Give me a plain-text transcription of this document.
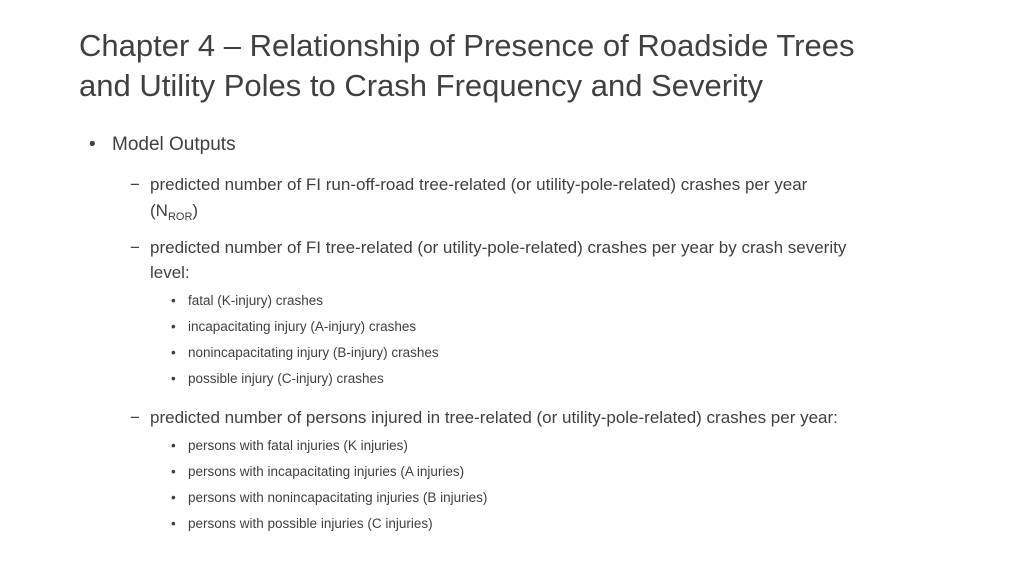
Chapter 4 – Relationship of Presence of Roadside Trees
and Utility Poles to Crash Frequency and Severity
• Model Outputs
− predicted number of FI run-off-road tree-related (or utility-pole-related) crashes per year
$(N_{ROR})$
− predicted number of FI tree-related (or utility-pole-related) crashes per year by crash severity
level:
• fatal (K-injury) crashes
• incapacitating injury (A-injury) crashes
• nonincapacitating injury (B-injury) crashes
• possible injury (C-injury) crashes
− predicted number of persons injured in tree-related (or utility-pole-related) crashes per year:
• persons with fatal injuries (K injuries)
• persons with incapacitating injuries (A injuries)
• persons with nonincapacitating injuries (B injuries)
• persons with possible injuries (C injuries)
